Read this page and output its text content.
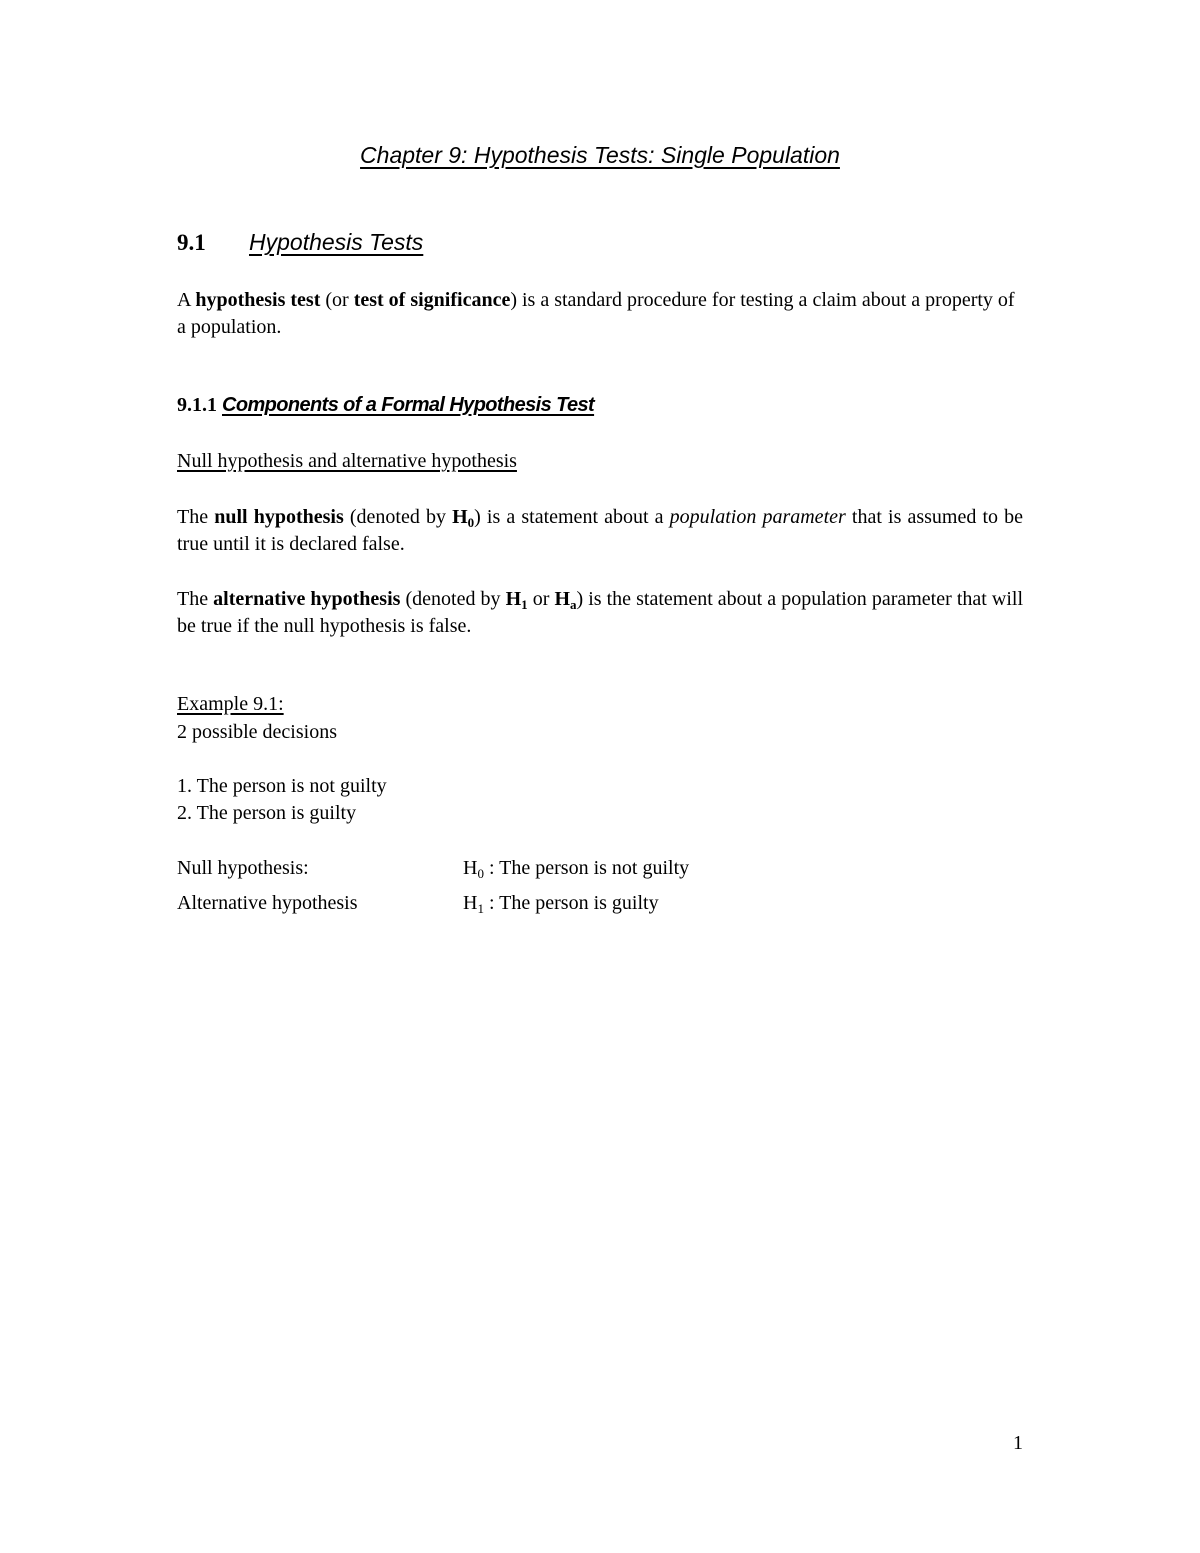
Chapter 9: Hypothesis Tests: Single Population
9.1 Hypothesis Tests
A hypothesis test (or test of significance) is a standard procedure for testing a claim about a property of a population.
9.1.1 Components of a Formal Hypothesis Test
Null hypothesis and alternative hypothesis
The null hypothesis (denoted by $H_0$) is a statement about a population parameter that is assumed to be true until it is declared false.
The alternative hypothesis (denoted by $H_1$ or $H_a$) is the statement about a population parameter that will be true if the null hypothesis is false.
Example 9.1:
2 possible decisions
1. The person is not guilty
2. The person is guilty
Null hypothesis:	$H_0$ : The person is not guilty
Alternative hypothesis	$H_1$ : The person is guilty
1
